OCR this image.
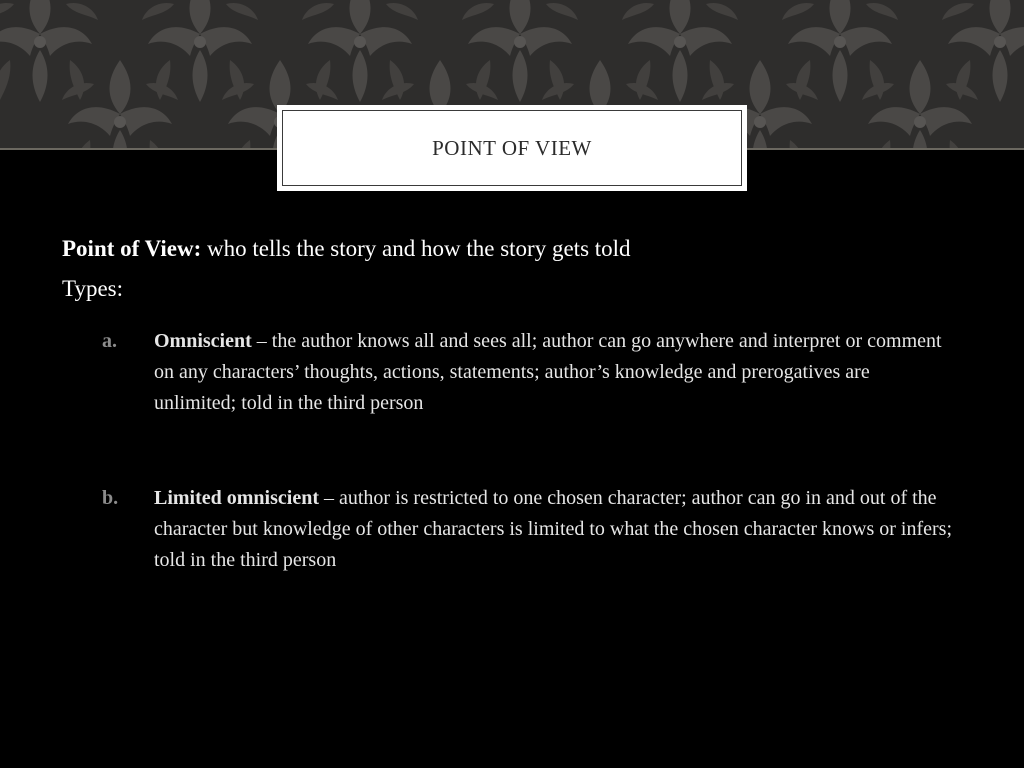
POINT OF VIEW

Point of View: who tells the story and how the story gets told

Types:

a. Omniscient – the author knows all and sees all; author can go anywhere and interpret or comment on any characters’ thoughts, actions, statements; author’s knowledge and prerogatives are unlimited; told in the third person
b. Limited omniscient – author is restricted to one chosen character; author can go in and out of the character but knowledge of other characters is limited to what the chosen character knows or infers; told in the third person
